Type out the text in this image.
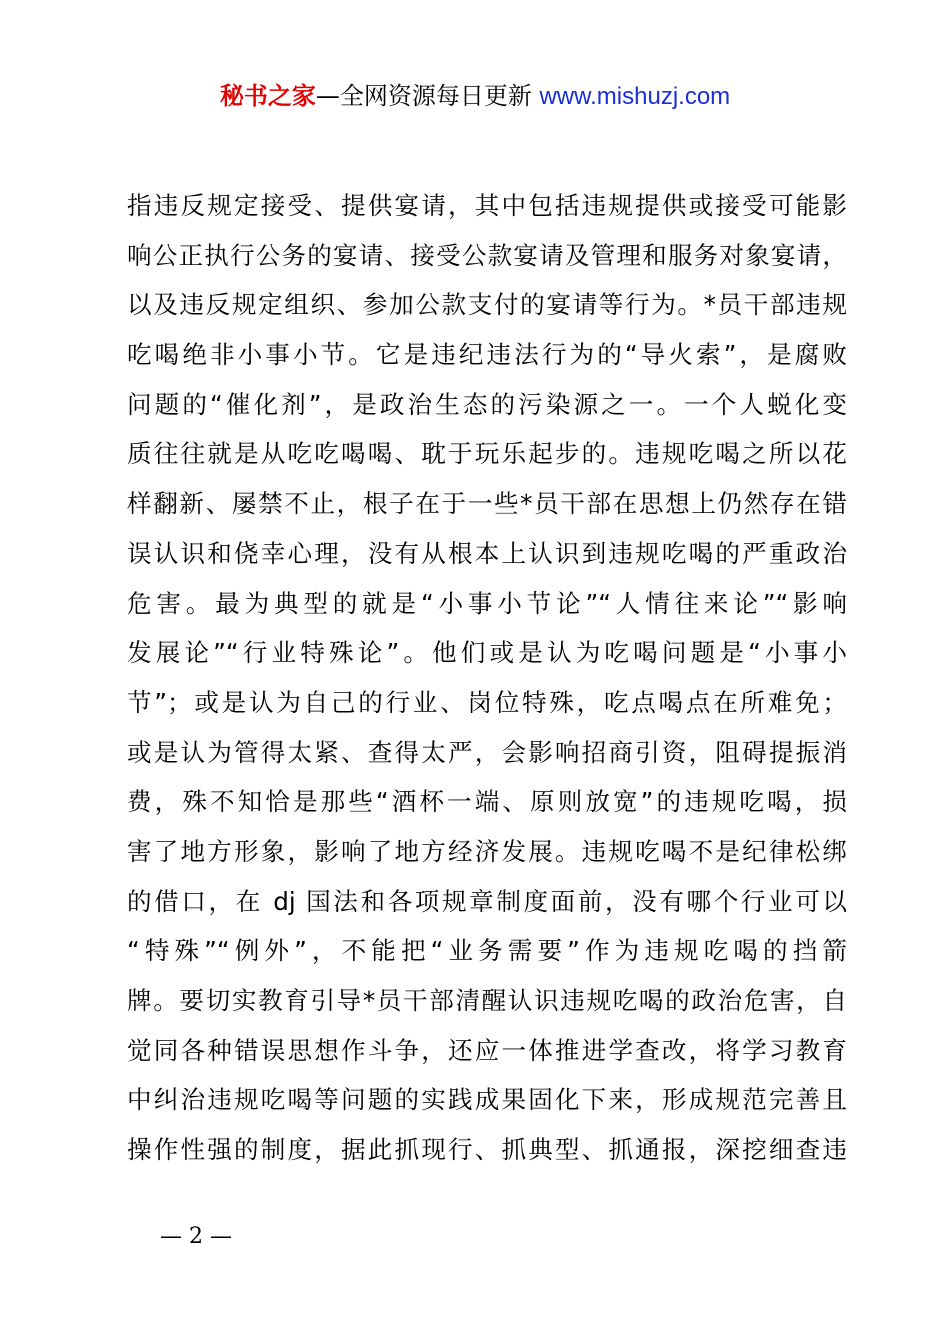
秘书之家—全网资源每日更新 www.mishuzj.com
指违反规定接受、提供宴请，其中包括违规提供或接受可能影
响公正执行公务的宴请、接受公款宴请及管理和服务对象宴请，
以及违反规定组织、参加公款支付的宴请等行为。*员干部违规
吃喝绝非小事小节。它是违纪违法行为的“导火索”，是腐败
问题的“催化剂”，是政治生态的污染源之一。一个人蜕化变
质往往就是从吃吃喝喝、耽于玩乐起步的。违规吃喝之所以花
样翻新、屡禁不止，根子在于一些*员干部在思想上仍然存在错
误认识和侥幸心理，没有从根本上认识到违规吃喝的严重政治
危害。最为典型的就是“小事小节论”“人情往来论”“影响
发展论”“行业特殊论”。他们或是认为吃喝问题是“小事小
节”；或是认为自己的行业、岗位特殊，吃点喝点在所难免；
或是认为管得太紧、查得太严，会影响招商引资，阻碍提振消
费，殊不知恰是那些“酒杯一端、原则放宽”的违规吃喝，损
害了地方形象，影响了地方经济发展。违规吃喝不是纪律松绑
的借口，在 dj 国法和各项规章制度面前，没有哪个行业可以
“特殊”“例外”，不能把“业务需要”作为违规吃喝的挡箭
牌。要切实教育引导*员干部清醒认识违规吃喝的政治危害，自
觉同各种错误思想作斗争，还应一体推进学查改，将学习教育
中纠治违规吃喝等问题的实践成果固化下来，形成规范完善且
操作性强的制度，据此抓现行、抓典型、抓通报，深挖细查违
— 2 —
